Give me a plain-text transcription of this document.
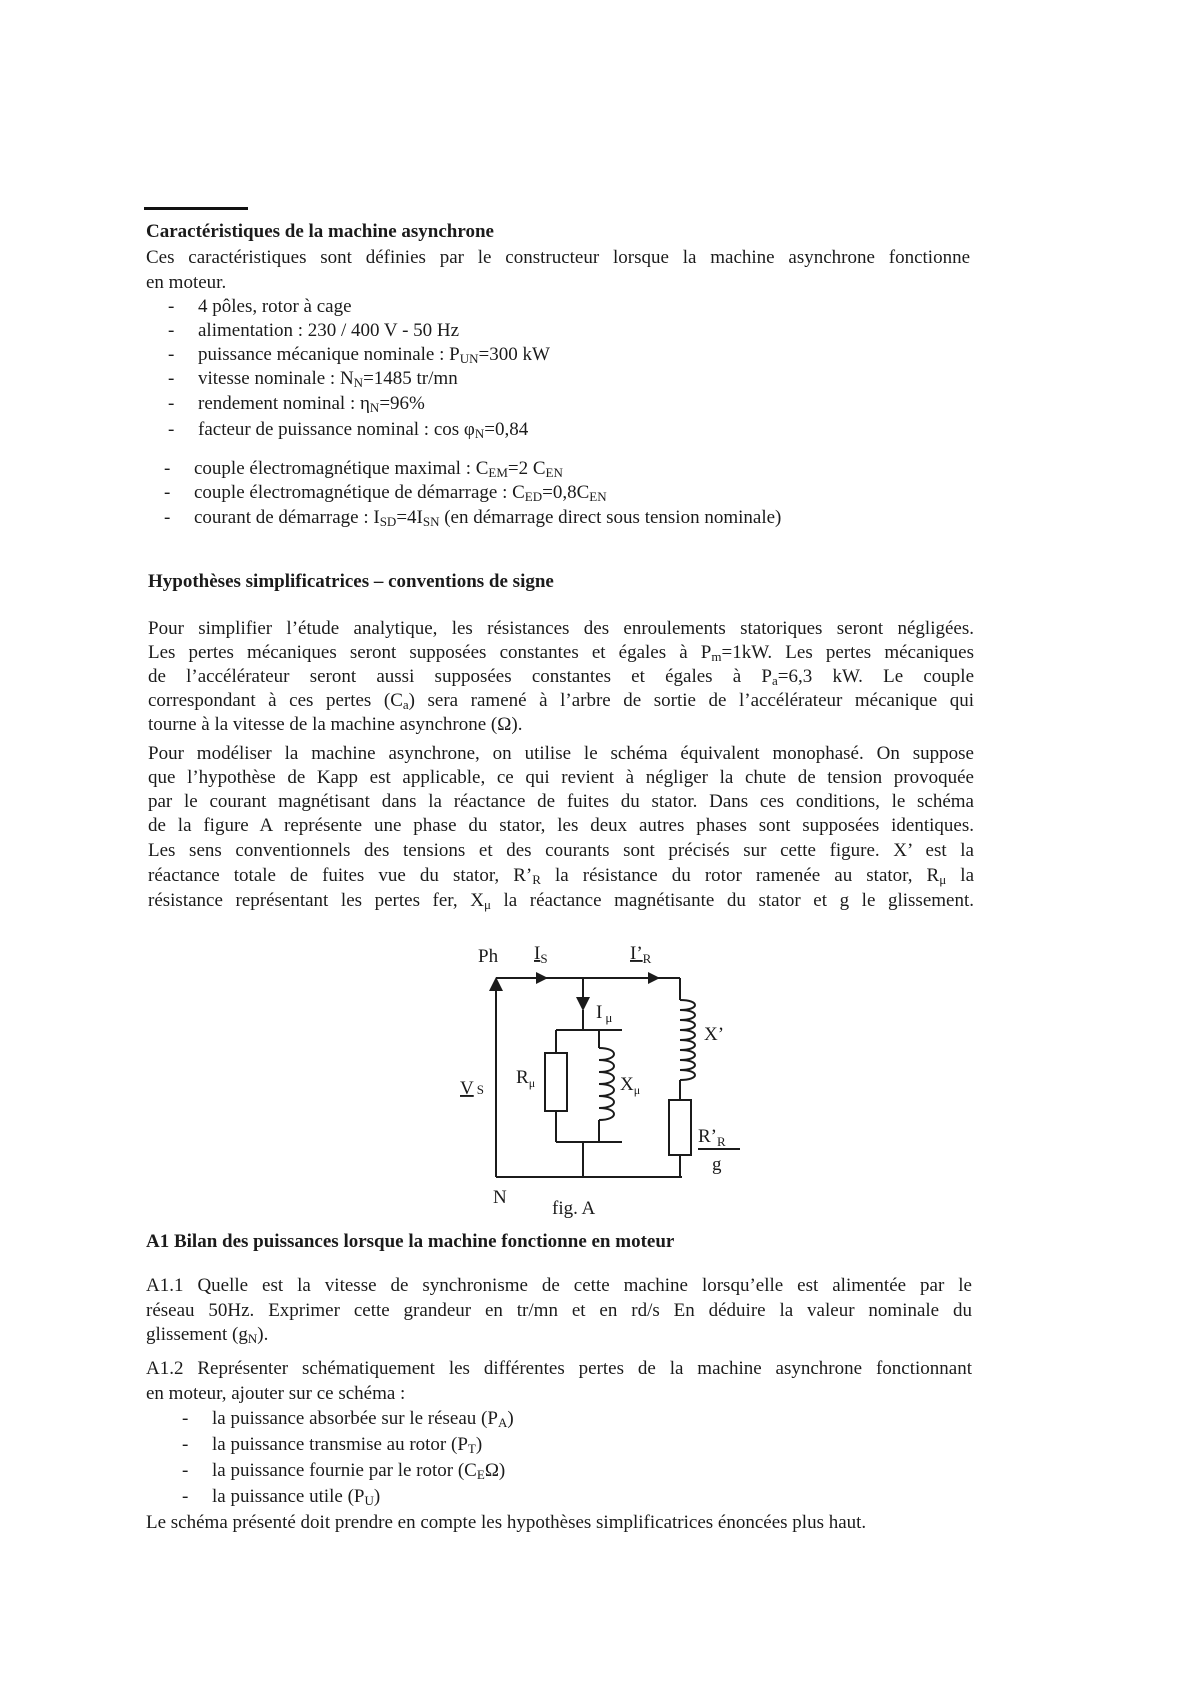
Caractéristiques de la machine asynchrone
Ces caractéristiques sont définies par le constructeur lorsque la machine asynchrone fonctionne
en moteur.
- 4 pôles, rotor à cage
- alimentation : 230 / 400 V - 50 Hz
- puissance mécanique nominale : $P_{UN}=300$ kW
- vitesse nominale : $N_N=1485$ tr/mn
- rendement nominal : $\eta_N=96\%$
- facteur de puissance nominal : $\cos \varphi_N=0,84$
- couple électromagnétique maximal : $C_{EM}=2$ $C_{EN}$
- couple électromagnétique de démarrage : $C_{ED}=0,8C_{EN}$
- courant de démarrage : $I_{SD}=4I_{SN}$ (en démarrage direct sous tension nominale)
Hypothèses simplificatrices – conventions de signe
Pour simplifier l’étude analytique, les résistances des enroulements statoriques seront négligées.
Les pertes mécaniques seront supposées constantes et égales à $P_m=1kW$. Les pertes mécaniques
de l’accélérateur seront aussi supposées constantes et égales à $P_a=6,3$ kW. Le couple
correspondant à ces pertes $(C_a)$ sera ramené à l’arbre de sortie de l’accélérateur mécanique qui
tourne à la vitesse de la machine asynchrone (Ω).
Pour modéliser la machine asynchrone, on utilise le schéma équivalent monophasé. On suppose
que l’hypothèse de Kapp est applicable, ce qui revient à négliger la chute de tension provoquée
par le courant magnétisant dans la réactance de fuites du stator. Dans ces conditions, le schéma
de la figure A représente une phase du stator, les deux autres phases sont supposées identiques.
Les sens conventionnels des tensions et des courants sont précisés sur cette figure. X’ est la
réactance totale de fuites vue du stator, $R’_R$ la résistance du rotor ramenée au stator, $R_\mu$ la
résistance représentant les pertes fer, $X_\mu$ la réactance magnétisante du stator et g le glissement.
Ph $I_S$	$I’_R$
I $_\mu$
X’
V S
$R_\mu$	$X_\mu$
$R’_R$
g
N
fig. A
A1 Bilan des puissances lorsque la machine fonctionne en moteur
A1.1 Quelle est la vitesse de synchronisme de cette machine lorsqu’elle est alimentée par le
réseau 50Hz. Exprimer cette grandeur en tr/mn et en rd/s En déduire la valeur nominale du
glissement $(g_N)$.
A1.2 Représenter schématiquement les différentes pertes de la machine asynchrone fonctionnant
en moteur, ajouter sur ce schéma :
- la puissance absorbée sur le réseau $(P_A)$
- la puissance transmise au rotor $(P_T)$
- la puissance fournie par le rotor $(C_E\Omega)$
- la puissance utile $(P_U)$
Le schéma présenté doit prendre en compte les hypothèses simplificatrices énoncées plus haut.
